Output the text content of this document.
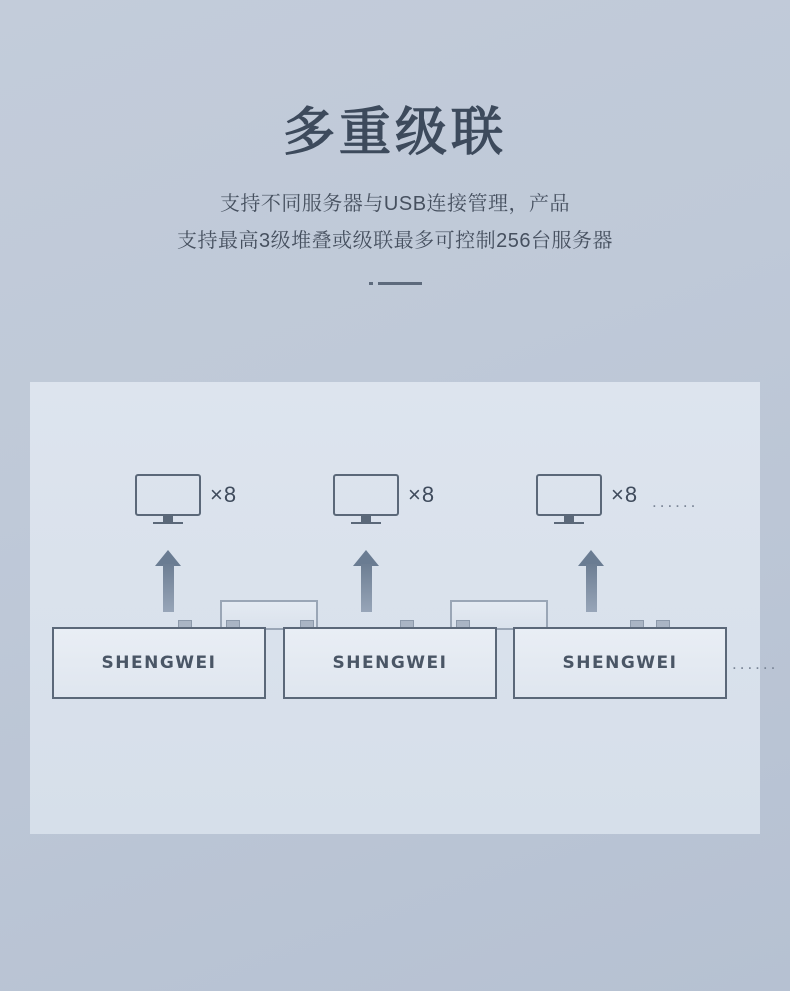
多重级联
支持不同服务器与USB连接管理，产品
支持最高3级堆叠或级联最多可控制256台服务器
×8	×8	×8 ......
SHENGWEI	SHENGWEI	SHENGWEI	......
